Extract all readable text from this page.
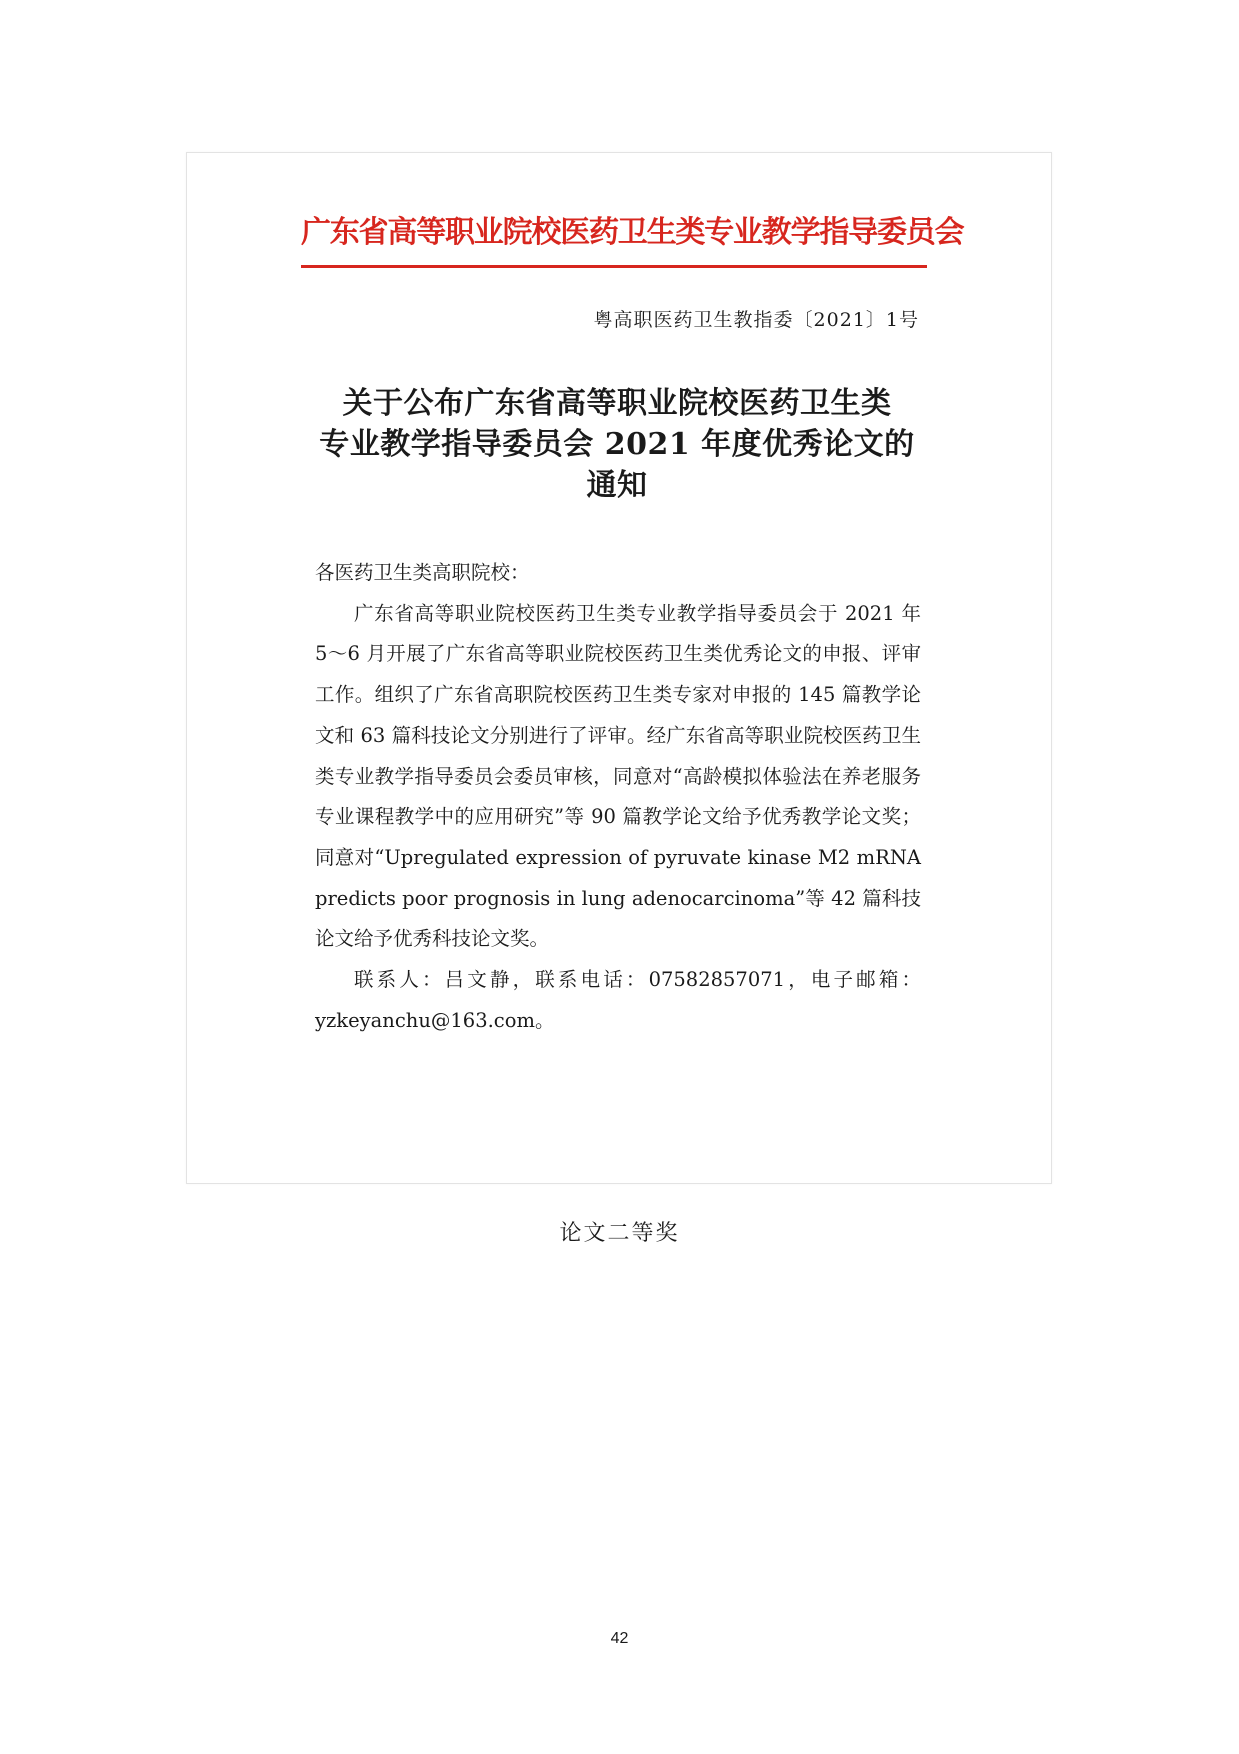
广东省高等职业院校医药卫生类专业教学指导委员会
粤高职医药卫生教指委〔2021〕1号
关于公布广东省高等职业院校医药卫生类
专业教学指导委员会 2021 年度优秀论文的
通知

各医药卫生类高职院校：

广东省高等职业院校医药卫生类专业教学指导委员会于 2021 年 5～6 月开展了广东省高等职业院校医药卫生类优秀论文的申报、评审工作。组织了广东省高职院校医药卫生类专家对申报的 145 篇教学论文和 63 篇科技论文分别进行了评审。经广东省高等职业院校医药卫生类专业教学指导委员会委员审核，同意对“高龄模拟体验法在养老服务专业课程教学中的应用研究”等 90 篇教学论文给予优秀教学论文奖；同意对“Upregulated expression of pyruvate kinase M2 mRNA predicts poor prognosis in lung adenocarcinoma”等 42 篇科技论文给予优秀科技论文奖。

联系人：吕文静，联系电话：07582857071，电子邮箱：yzkeyanchu@163.com。

论文二等奖
42
